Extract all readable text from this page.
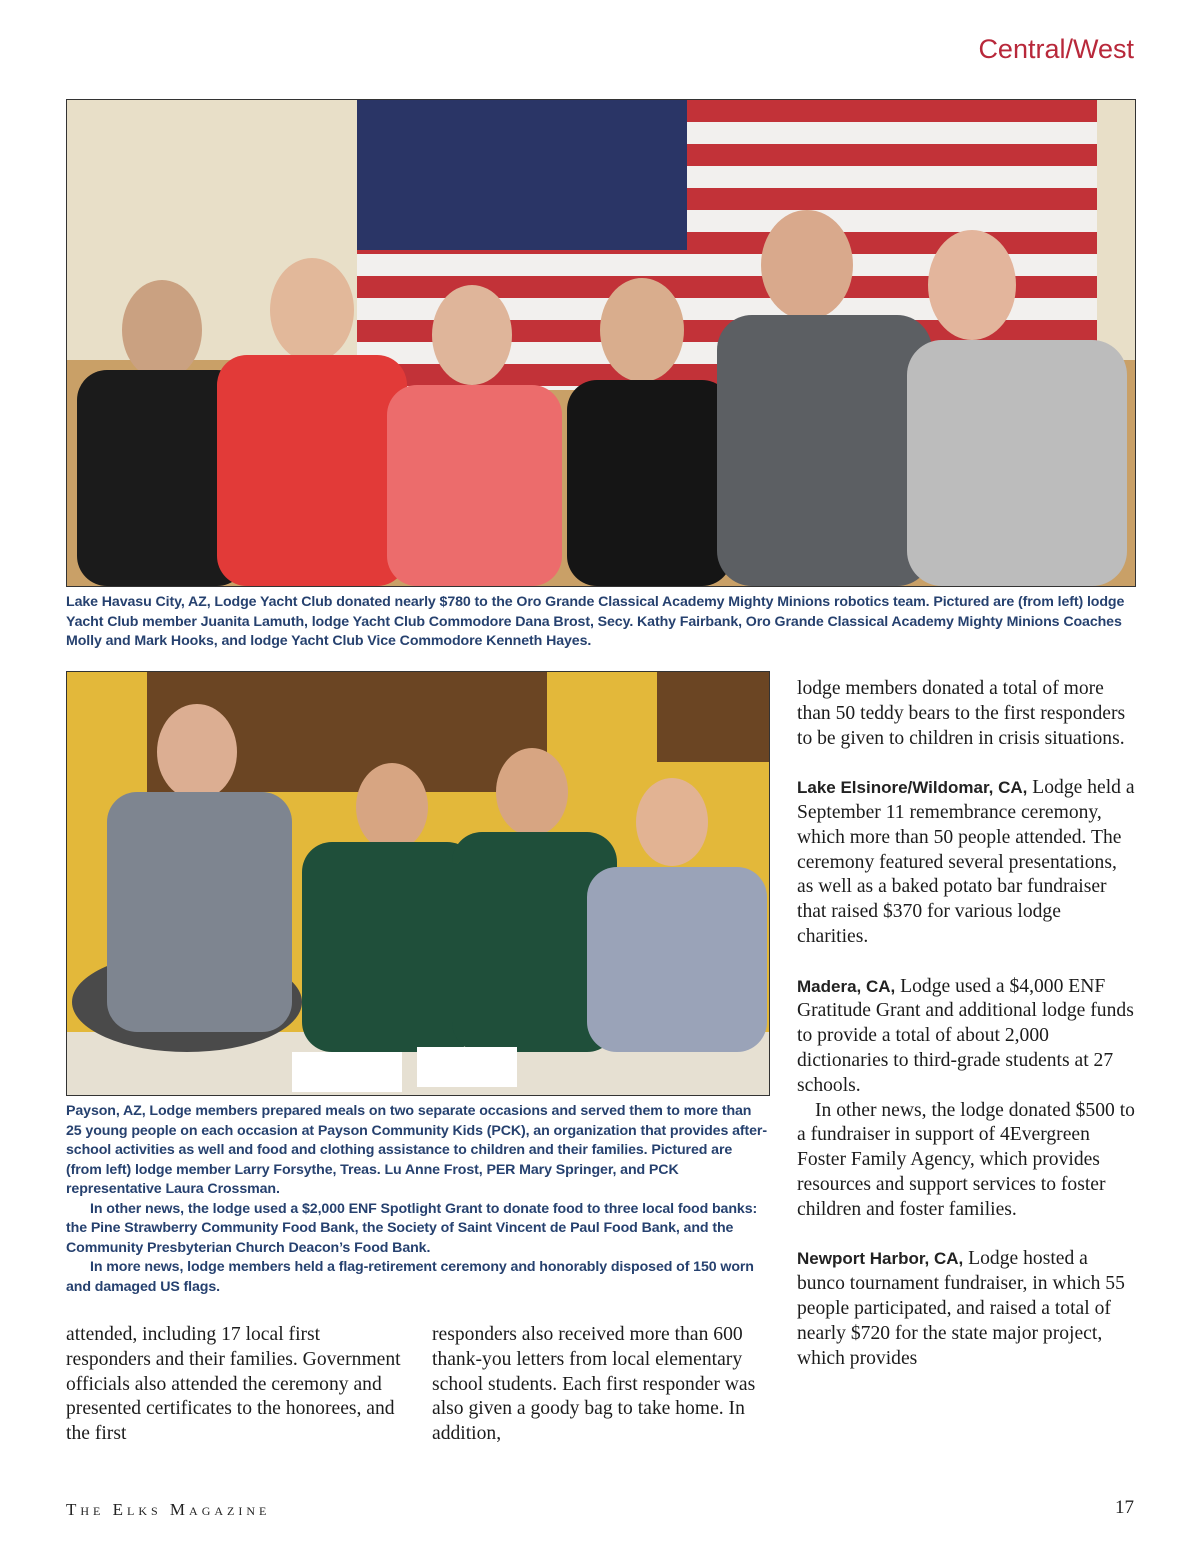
Central/West

Lake Havasu City, AZ, Lodge Yacht Club donated nearly $780 to the Oro Grande Classical Academy Mighty Minions robotics team. Pictured are (from left) lodge Yacht Club member Juanita Lamuth, lodge Yacht Club Commodore Dana Brost, Secy. Kathy Fairbank, Oro Grande Classical Academy Mighty Minions Coaches Molly and Mark Hooks, and lodge Yacht Club Vice Commodore Kenneth Hayes.

Payson, AZ, Lodge members prepared meals on two separate occasions and served them to more than 25 young people on each occasion at Payson Community Kids (PCK), an organization that provides after-school activities as well and food and clothing assistance to children and their families. Pictured are (from left) lodge member Larry Forsythe, Treas. Lu Anne Frost, PER Mary Springer, and PCK representative Laura Crossman.

In other news, the lodge used a $2,000 ENF Spotlight Grant to donate food to three local food banks: the Pine Strawberry Community Food Bank, the Society of Saint Vincent de Paul Food Bank, and the Community Presbyterian Church Deacon’s Food Bank.

In more news, lodge members held a flag-retirement ceremony and honorably disposed of 150 worn and damaged US flags.

attended, including 17 local first responders and their families. Government officials also attended the ceremony and presented certificates to the honorees, and the first

responders also received more than 600 thank-you letters from local elementary school students. Each first responder was also given a goody bag to take home. In addition,

lodge members donated a total of more than 50 teddy bears to the first responders to be given to children in crisis situations.

Lake Elsinore/Wildomar, CA, Lodge held a September 11 remembrance ceremony, which more than 50 people attended. The ceremony featured several presentations, as well as a baked potato bar fundraiser that raised $370 for various lodge charities.

Madera, CA, Lodge used a $4,000 ENF Gratitude Grant and additional lodge funds to provide a total of about 2,000 dictionaries to third-grade students at 27 schools.

In other news, the lodge donated $500 to a fundraiser in support of 4Evergreen Foster Family Agency, which provides resources and support services to foster children and foster families.

Newport Harbor, CA, Lodge hosted a bunco tournament fundraiser, in which 55 people participated, and raised a total of nearly $720 for the state major project, which provides

The Elks Magazine	17
